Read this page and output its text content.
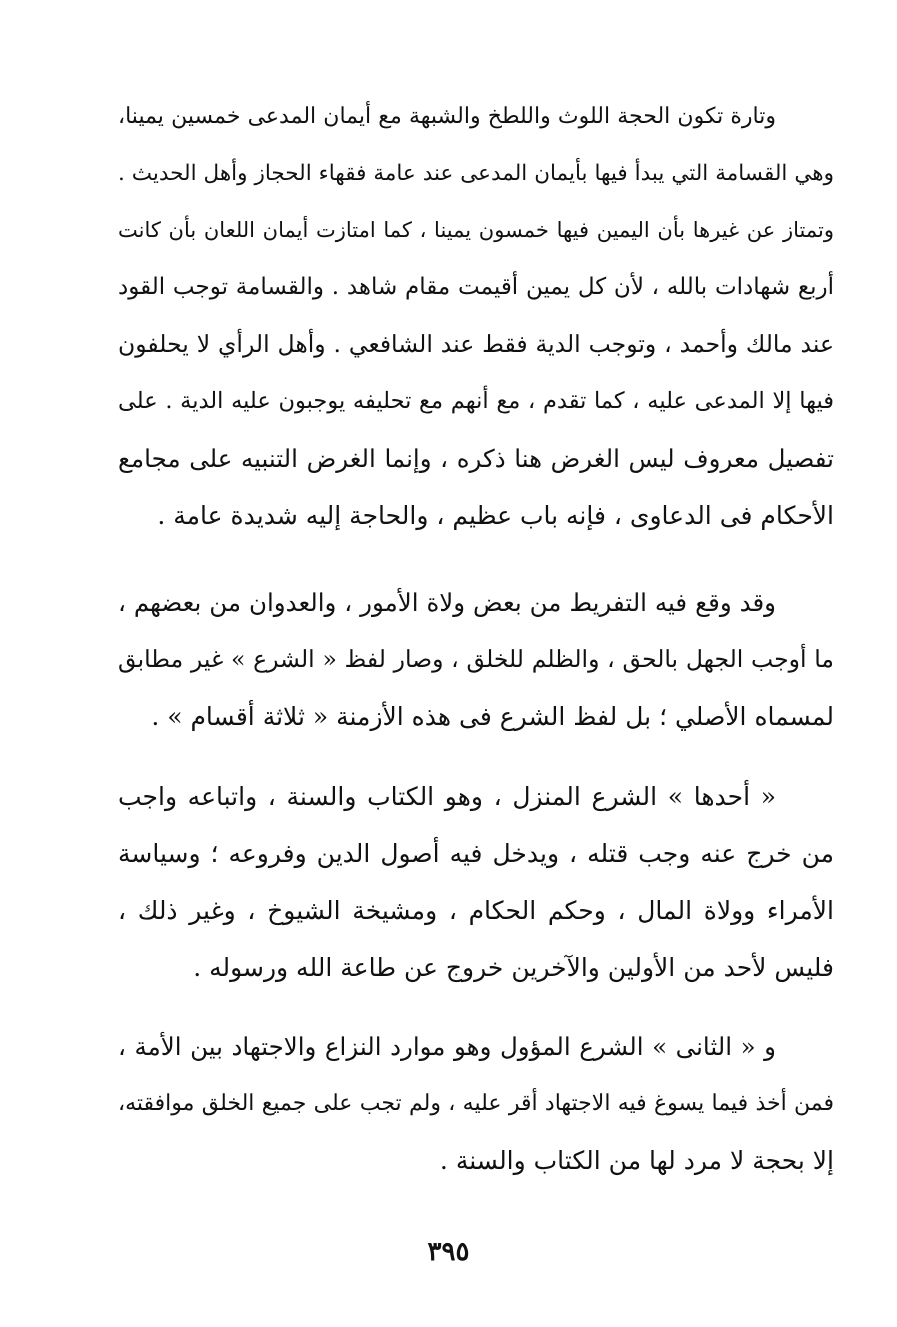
وتارة تكون الحجة اللوث واللطخ والشبهة مع أيمان المدعى خمسين يمينا،
وهي القسامة التي يبدأ فيها بأيمان المدعى عند عامة فقهاء الحجاز وأهل الحديث .
وتمتاز عن غيرها بأن اليمين فيها خمسون يمينا ، كما امتازت أيمان اللعان بأن كانت
أربع شهادات بالله ، لأن كل يمين أقيمت مقام شاهد . والقسامة توجب القود
عند مالك وأحمد ، وتوجب الدية فقط عند الشافعي . وأهل الرأي لا يحلفون
فيها إلا المدعى عليه ، كما تقدم ، مع أنهم مع تحليفه يوجبون عليه الدية . على
تفصيل معروف ليس الغرض هنا ذكره ، وإنما الغرض التنبيه على مجامع
الأحكام فى الدعاوى ، فإنه باب عظيم ، والحاجة إليه شديدة عامة .
وقد وقع فيه التفريط من بعض ولاة الأمور ، والعدوان من بعضهم ،
ما أوجب الجهل بالحق ، والظلم للخلق ، وصار لفظ « الشرع » غير مطابق
لمسماه الأصلي ؛ بل لفظ الشرع فى هذه الأزمنة « ثلاثة أقسام » .
« أحدها » الشرع المنزل ، وهو الكتاب والسنة ، واتباعه واجب
من خرج عنه وجب قتله ، ويدخل فيه أصول الدين وفروعه ؛ وسياسة
الأمراء وولاة المال ، وحكم الحكام ، ومشيخة الشيوخ ، وغير ذلك ،
فليس لأحد من الأولين والآخرين خروج عن طاعة الله ورسوله .
و « الثانى » الشرع المؤول وهو موارد النزاع والاجتهاد بين الأمة ،
فمن أخذ فيما يسوغ فيه الاجتهاد أقر عليه ، ولم تجب على جميع الخلق موافقته،
إلا بحجة لا مرد لها من الكتاب والسنة .
٣٩٥
